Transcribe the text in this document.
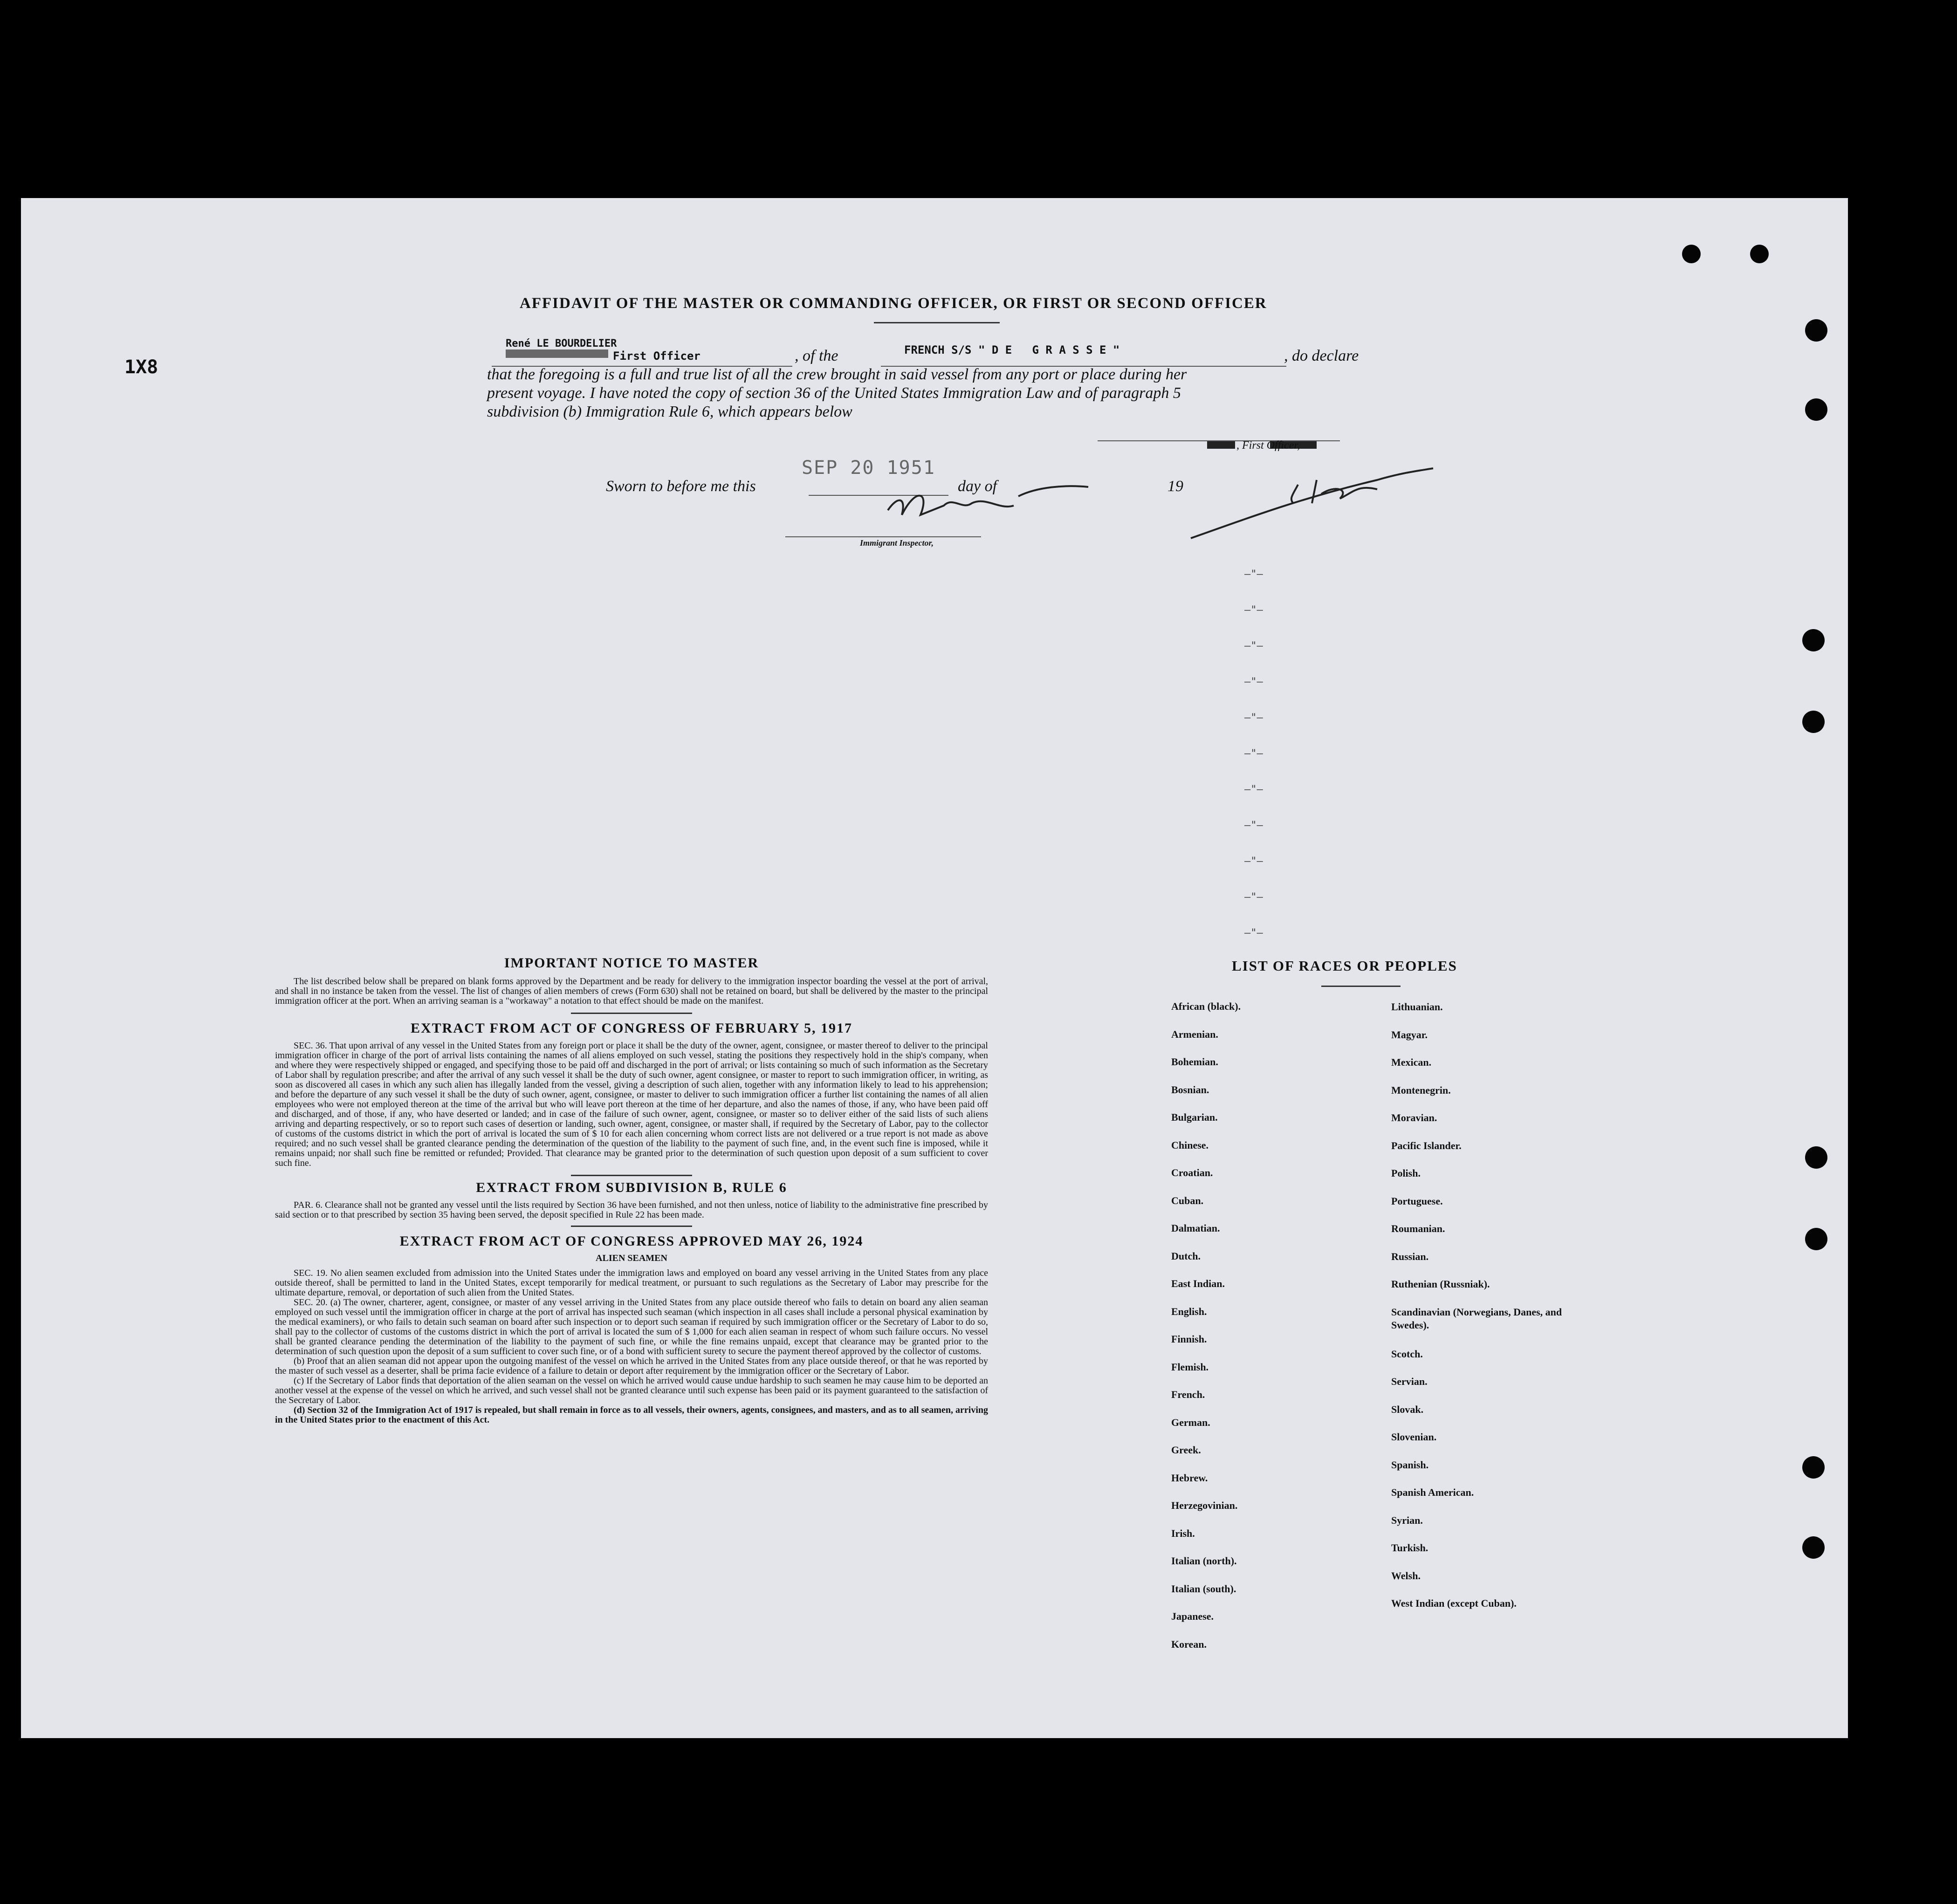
1X8
AFFIDAVIT OF THE MASTER OR COMMANDING OFFICER, OR FIRST OR SECOND OFFICER
René LE BOURDELIER
First Officer	, of the	FRENCH S/S " D E   G R A S S E "	, do declare
that the foregoing is a full and true list of all the crew brought in said vessel from any port or place during her
present voyage. I have noted the copy of section 36 of the United States Immigration Law and of paragraph 5
subdivision (b) Immigration Rule 6, which appears below
, First Officer,
Sworn to before me this
SEP 20 1951
day of	19
Immigrant Inspector,
—"—
—"—
—"—
—"—
—"—
—"—
—"—
—"—
—"—
—"—
—"—
IMPORTANT NOTICE TO MASTER
The list described below shall be prepared on blank forms approved by the Department and be ready for delivery to the immigration inspector boarding the vessel at the port of arrival, and shall in no instance be taken from the vessel. The list of changes of alien members of crews (Form 630) shall not be retained on board, but shall be delivered by the master to the principal immigration officer at the port. When an arriving seaman is a "workaway" a notation to that effect should be made on the manifest.
EXTRACT FROM ACT OF CONGRESS OF FEBRUARY 5, 1917
SEC. 36. That upon arrival of any vessel in the United States from any foreign port or place it shall be the duty of the owner, agent, consignee, or master thereof to deliver to the principal immigration officer in charge of the port of arrival lists containing the names of all aliens employed on such vessel, stating the positions they respectively hold in the ship's company, when and where they were respectively shipped or engaged, and specifying those to be paid off and discharged in the port of arrival; or lists containing so much of such information as the Secretary of Labor shall by regulation prescribe; and after the arrival of any such vessel it shall be the duty of such owner, agent consignee, or master to report to such immigration officer, in writing, as soon as discovered all cases in which any such alien has illegally landed from the vessel, giving a description of such alien, together with any information likely to lead to his apprehension; and before the departure of any such vessel it shall be the duty of such owner, agent, consignee, or master to deliver to such immigration officer a further list containing the names of all alien employees who were not employed thereon at the time of the arrival but who will leave port thereon at the time of her departure, and also the names of those, if any, who have been paid off and discharged, and of those, if any, who have deserted or landed; and in case of the failure of such owner, agent, consignee, or master so to deliver either of the said lists of such aliens arriving and departing respectively, or so to report such cases of desertion or landing, such owner, agent, consignee, or master shall, if required by the Secretary of Labor, pay to the collector of customs of the customs district in which the port of arrival is located the sum of $ 10 for each alien concerning whom correct lists are not delivered or a true report is not made as above required; and no such vessel shall be granted clearance pending the determination of the question of the liability to the payment of such fine, and, in the event such fine is imposed, while it remains unpaid; nor shall such fine be remitted or refunded; Provided. That clearance may be granted prior to the determination of such question upon deposit of a sum sufficient to cover such fine.
EXTRACT FROM SUBDIVISION B, RULE 6
PAR. 6. Clearance shall not be granted any vessel until the lists required by Section 36 have been furnished, and not then unless, notice of liability to the administrative fine prescribed by said section or to that prescribed by section 35 having been served, the deposit specified in Rule 22 has been made.
EXTRACT FROM ACT OF CONGRESS APPROVED MAY 26, 1924
ALIEN SEAMEN
SEC. 19. No alien seamen excluded from admission into the United States under the immigration laws and employed on board any vessel arriving in the United States from any place outside thereof, shall be permitted to land in the United States, except temporarily for medical treatment, or pursuant to such regulations as the Secretary of Labor may prescribe for the ultimate departure, removal, or deportation of such alien from the United States.
SEC. 20. (a) The owner, charterer, agent, consignee, or master of any vessel arriving in the United States from any place outside thereof who fails to detain on board any alien seaman employed on such vessel until the immigration officer in charge at the port of arrival has inspected such seaman (which inspection in all cases shall include a personal physical examination by the medical examiners), or who fails to detain such seaman on board after such inspection or to deport such seaman if required by such immigration officer or the Secretary of Labor to do so, shall pay to the collector of customs of the customs district in which the port of arrival is located the sum of $ 1,000 for each alien seaman in respect of whom such failure occurs. No vessel shall be granted clearance pending the determination of the liability to the payment of such fine, or while the fine remains unpaid, except that clearance may be granted prior to the determination of such question upon the deposit of a sum sufficient to cover such fine, or of a bond with sufficient surety to secure the payment thereof approved by the collector of customs.
(b) Proof that an alien seaman did not appear upon the outgoing manifest of the vessel on which he arrived in the United States from any place outside thereof, or that he was reported by the master of such vessel as a deserter, shall be prima facie evidence of a failure to detain or deport after requirement by the immigration officer or the Secretary of Labor.
(c) If the Secretary of Labor finds that deportation of the alien seaman on the vessel on which he arrived would cause undue hardship to such seamen he may cause him to be deported an another vessel at the expense of the vessel on which he arrived, and such vessel shall not be granted clearance until such expense has been paid or its payment guaranteed to the satisfaction of the Secretary of Labor.
(d) Section 32 of the Immigration Act of 1917 is repealed, but shall remain in force as to all vessels, their owners, agents, consignees, and masters, and as to all seamen, arriving in the United States prior to the enactment of this Act.
LIST OF RACES OR PEOPLES
African (black).
Armenian.
Bohemian.
Bosnian.
Bulgarian.
Chinese.
Croatian.
Cuban.
Dalmatian.
Dutch.
East Indian.
English.
Finnish.
Flemish.
French.
German.
Greek.
Hebrew.
Herzegovinian.
Irish.
Italian (north).
Italian (south).
Japanese.
Korean.
Lithuanian.
Magyar.
Mexican.
Montenegrin.
Moravian.
Pacific Islander.
Polish.
Portuguese.
Roumanian.
Russian.
Ruthenian (Russniak).
Scandinavian (Norwegians, Danes, and Swedes).
Scotch.
Servian.
Slovak.
Slovenian.
Spanish.
Spanish American.
Syrian.
Turkish.
Welsh.
West Indian (except Cuban).
